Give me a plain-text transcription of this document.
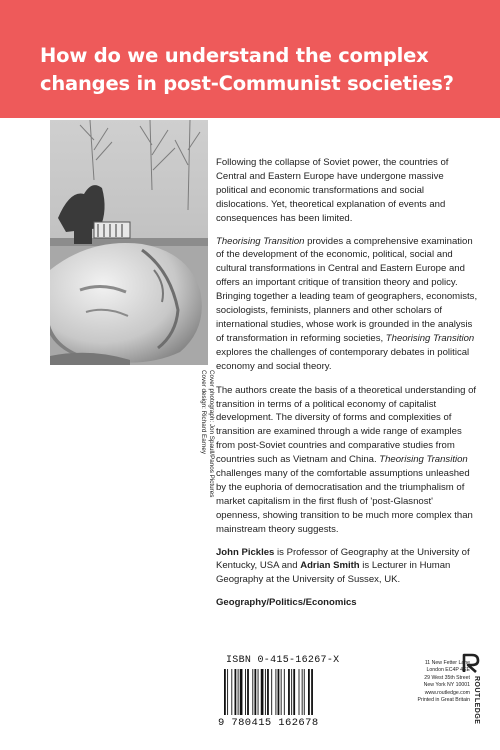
How do we understand the complex
changes in post-Communist societies?
Cover photograph: Jon Spaull/Panos Pictures
Cover design: Richard Earney

Following the collapse of Soviet power, the countries of Central and Eastern Europe have undergone massive political and economic transformations and social dislocations. Yet, theoretical explanation of events and consequences has been limited.

Theorising Transition provides a comprehensive examination of the development of the economic, political, social and cultural transformations in Central and Eastern Europe and offers an important critique of transition theory and policy. Bringing together a leading team of geographers, economists, sociologists, feminists, planners and other scholars of international studies, whose work is grounded in the analysis of transformation in reforming societies, Theorising Transition explores the challenges of contemporary debates in political economy and social theory.

The authors create the basis of a theoretical understanding of transition in terms of a political economy of capitalist development. The diversity of forms and complexities of transition are examined through a wide range of examples from post-Soviet countries and comparative studies from countries such as Vietnam and China. Theorising Transition challenges many of the comfortable assumptions unleashed by the euphoria of democratisation and the triumphalism of market capitalism in the first flush of 'post-Glasnost' openness, showing transition to be much more complex than mainstream theory suggests.

John Pickles is Professor of Geography at the University of Kentucky, USA and Adrian Smith is Lecturer in Human Geography at the University of Sussex, UK.

Geography/Politics/Economics

ISBN 0-415-16267-X
9 780415 162678
11 New Fetter Lane
London EC4P 4EE
29 West 35th Street
New York NY 10001
www.routledge.com
Printed in Great Britain ROUTLEDGE
